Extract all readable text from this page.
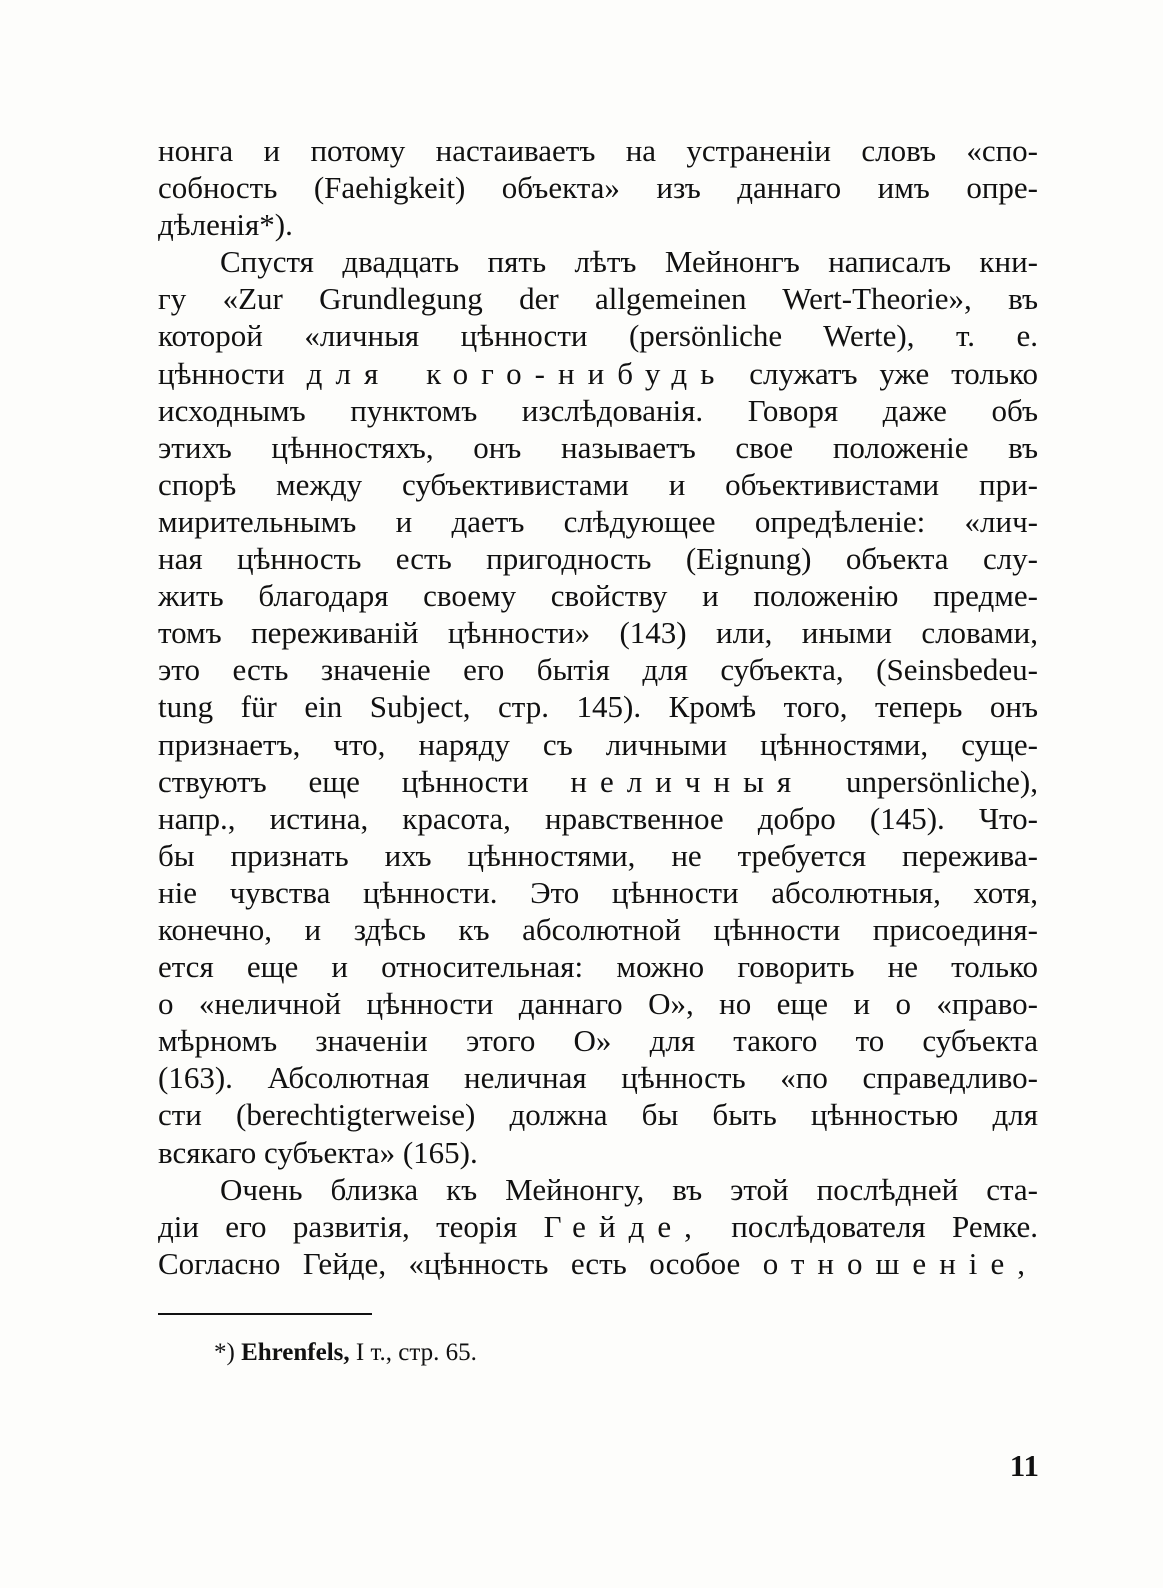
нонга и потому настаиваетъ на устраненіи словъ «спо-
собность (Faehigkeit) объекта» изъ даннаго имъ опре-
дѣленія*).
Спустя двадцать пять лѣтъ Мейнонгъ написалъ кни-
гу «Zur Grundlegung der allgemeinen Wert-Theorie», въ
которой «личныя цѣнности (persönliche Werte), т. е.
цѣнности для кого-нибудь служатъ уже только
исходнымъ пунктомъ изслѣдованія. Говоря даже объ
этихъ цѣнностяхъ, онъ называетъ свое положеніе въ
спорѣ между субъективистами и объективистами при-
мирительнымъ и даетъ слѣдующее опредѣленіе: «лич-
ная цѣнность есть пригодность (Eignung) объекта слу-
жить благодаря своему свойству и положенію предме-
томъ переживаній цѣнности» (143) или, иными словами,
это есть значеніе его бытія для субъекта, (Seinsbedeu-
tung für ein Subject, стр. 145). Кромѣ того, теперь онъ
признаетъ, что, наряду съ личными цѣнностями, суще-
ствуютъ еще цѣнности неличныя unpersönliche),
напр., истина, красота, нравственное добро (145). Что-
бы признать ихъ цѣнностями, не требуется пережива-
ніе чувства цѣнности. Это цѣнности абсолютныя, хотя,
конечно, и здѣсь къ абсолютной цѣнности присоединя-
ется еще и относительная: можно говорить не только
о «неличной цѣнности даннаго О», но еще и о «право-
мѣрномъ значеніи этого О» для такого то субъекта
(163). Абсолютная неличная цѣнность «по справедливо-
сти (berechtigterweise) должна бы быть цѣнностью для
всякаго субъекта» (165).
Очень близка къ Мейнонгу, въ этой послѣдней ста-
діи его развитія, теорія Гейде, послѣдователя Ремке.
Согласно Гейде, «цѣнность есть особое отношеніе,
*) Ehrenfels, I т., стр. 65.
11
